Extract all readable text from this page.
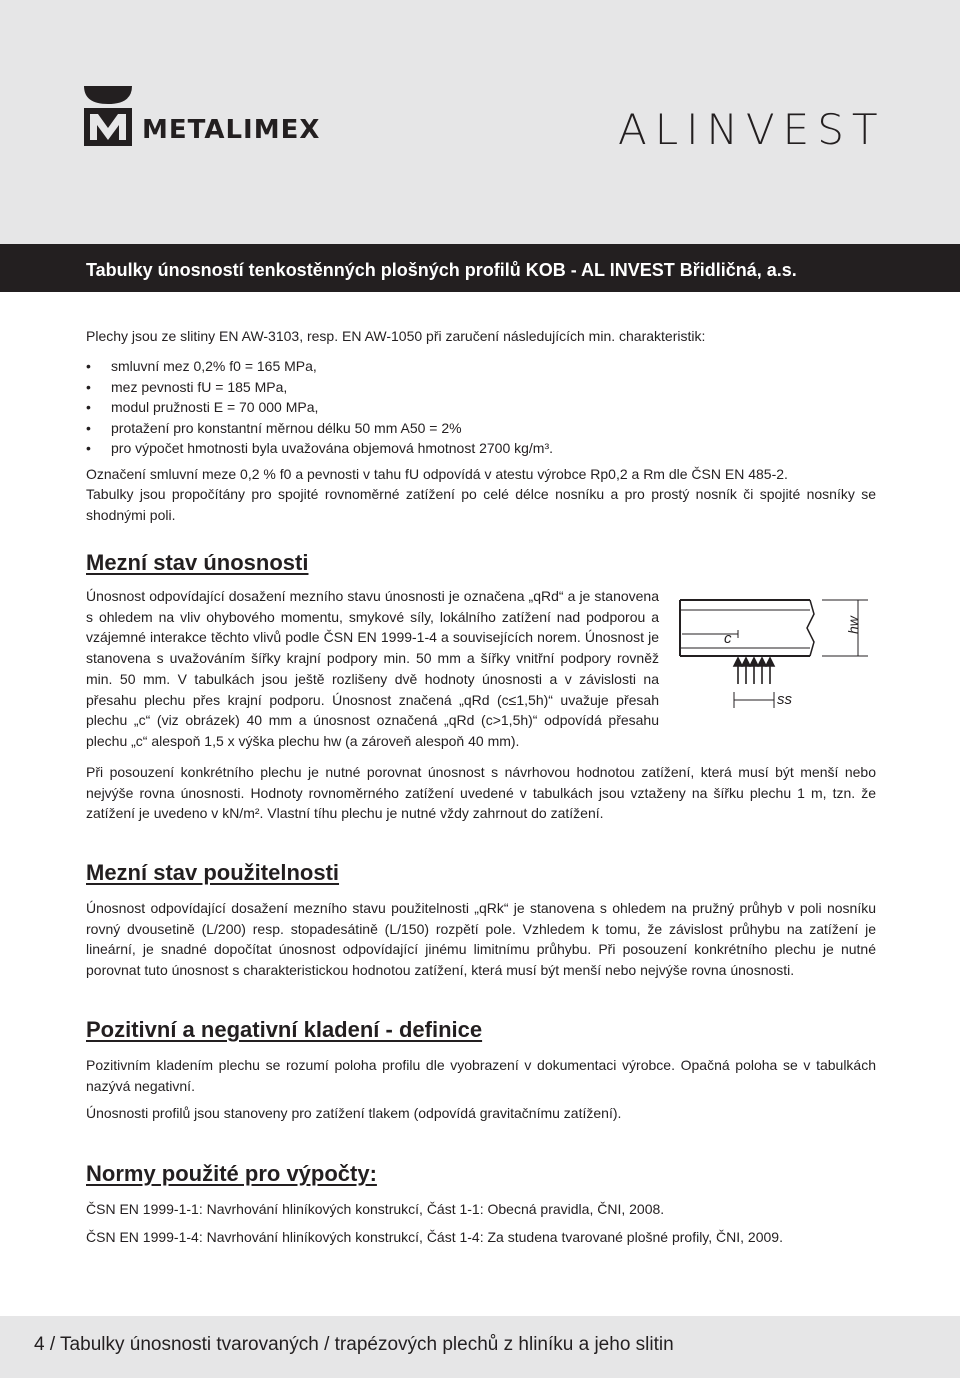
METALIMEX	ALINVEST
Tabulky únosností tenkostěnných plošných profilů KOB - AL INVEST Břidličná, a.s.
Plechy jsou ze slitiny EN AW-3103, resp. EN AW-1050 při zaručení následujících min. charakteristik:
• smluvní mez 0,2% f0 = 165 MPa,
• mez pevnosti fU = 185 MPa,
• modul pružnosti E = 70 000 MPa,
• protažení pro konstantní měrnou délku 50 mm A50 = 2%
• pro výpočet hmotnosti byla uvažována objemová hmotnost 2700 kg/m³.
Označení smluvní meze 0,2 % f0 a pevnosti v tahu fU odpovídá v atestu výrobce Rp0,2 a Rm dle ČSN EN 485-2.
Tabulky jsou propočítány pro spojité rovnoměrné zatížení po celé délce nosníku a pro prostý nosník či spojité nosníky se shodnými poli.
Mezní stav únosnosti
Únosnost odpovídající dosažení mezního stavu únosnosti je označena „qRd“ a je stanovena s ohledem na vliv ohybového momentu, smykové síly, lokálního zatížení nad podporou a vzájemné interakce těchto vlivů podle ČSN EN 1999-1-4 a souvisejících norem. Únosnost je stanovena s uvažováním šířky krajní podpory min. 50 mm a šířky vnitřní podpory rovněž min. 50 mm. V tabulkách jsou ještě rozlišeny dvě hodnoty únosnosti a v závislosti na přesahu plechu přes krajní podporu. Únosnost značená „qRd (c≤1,5h)“ uvažuje přesah plechu „c“ (viz obrázek) 40 mm a únosnost označená „qRd (c>1,5h)“ odpovídá přesahu plechu „c“ alespoň 1,5 x výška plechu hw (a zároveň alespoň 40 mm).
c
hw
ss
Při posouzení konkrétního plechu je nutné porovnat únosnost s návrhovou hodnotou zatížení, která musí být menší nebo nejvýše rovna únosnosti. Hodnoty rovnoměrného zatížení uvedené v tabulkách jsou vztaženy na šířku plechu 1 m, tzn. že zatížení je uvedeno v kN/m². Vlastní tíhu plechu je nutné vždy zahrnout do zatížení.
Mezní stav použitelnosti
Únosnost odpovídající dosažení mezního stavu použitelnosti „qRk“ je stanovena s ohledem na pružný průhyb v poli nosníku rovný dvousetině (L/200) resp. stopadesátině (L/150) rozpětí pole. Vzhledem k tomu, že závislost průhybu na zatížení je lineární, je snadné dopočítat únosnost odpovídající jinému limitnímu průhybu. Při posouzení konkrétního plechu je nutné porovnat tuto únosnost s charakteristickou hodnotou zatížení, která musí být menší nebo nejvýše rovna únosnosti.
Pozitivní a negativní kladení - definice
Pozitivním kladením plechu se rozumí poloha profilu dle vyobrazení v dokumentaci výrobce. Opačná poloha se v tabulkách nazývá negativní.
Únosnosti profilů jsou stanoveny pro zatížení tlakem (odpovídá gravitačnímu zatížení).
Normy použité pro výpočty:
ČSN EN 1999-1-1: Navrhování hliníkových konstrukcí, Část 1-1: Obecná pravidla, ČNI, 2008.
ČSN EN 1999-1-4: Navrhování hliníkových konstrukcí, Část 1-4: Za studena tvarované plošné profily, ČNI, 2009.
4 / Tabulky únosnosti tvarovaných / trapézových plechů z hliníku a jeho slitin
